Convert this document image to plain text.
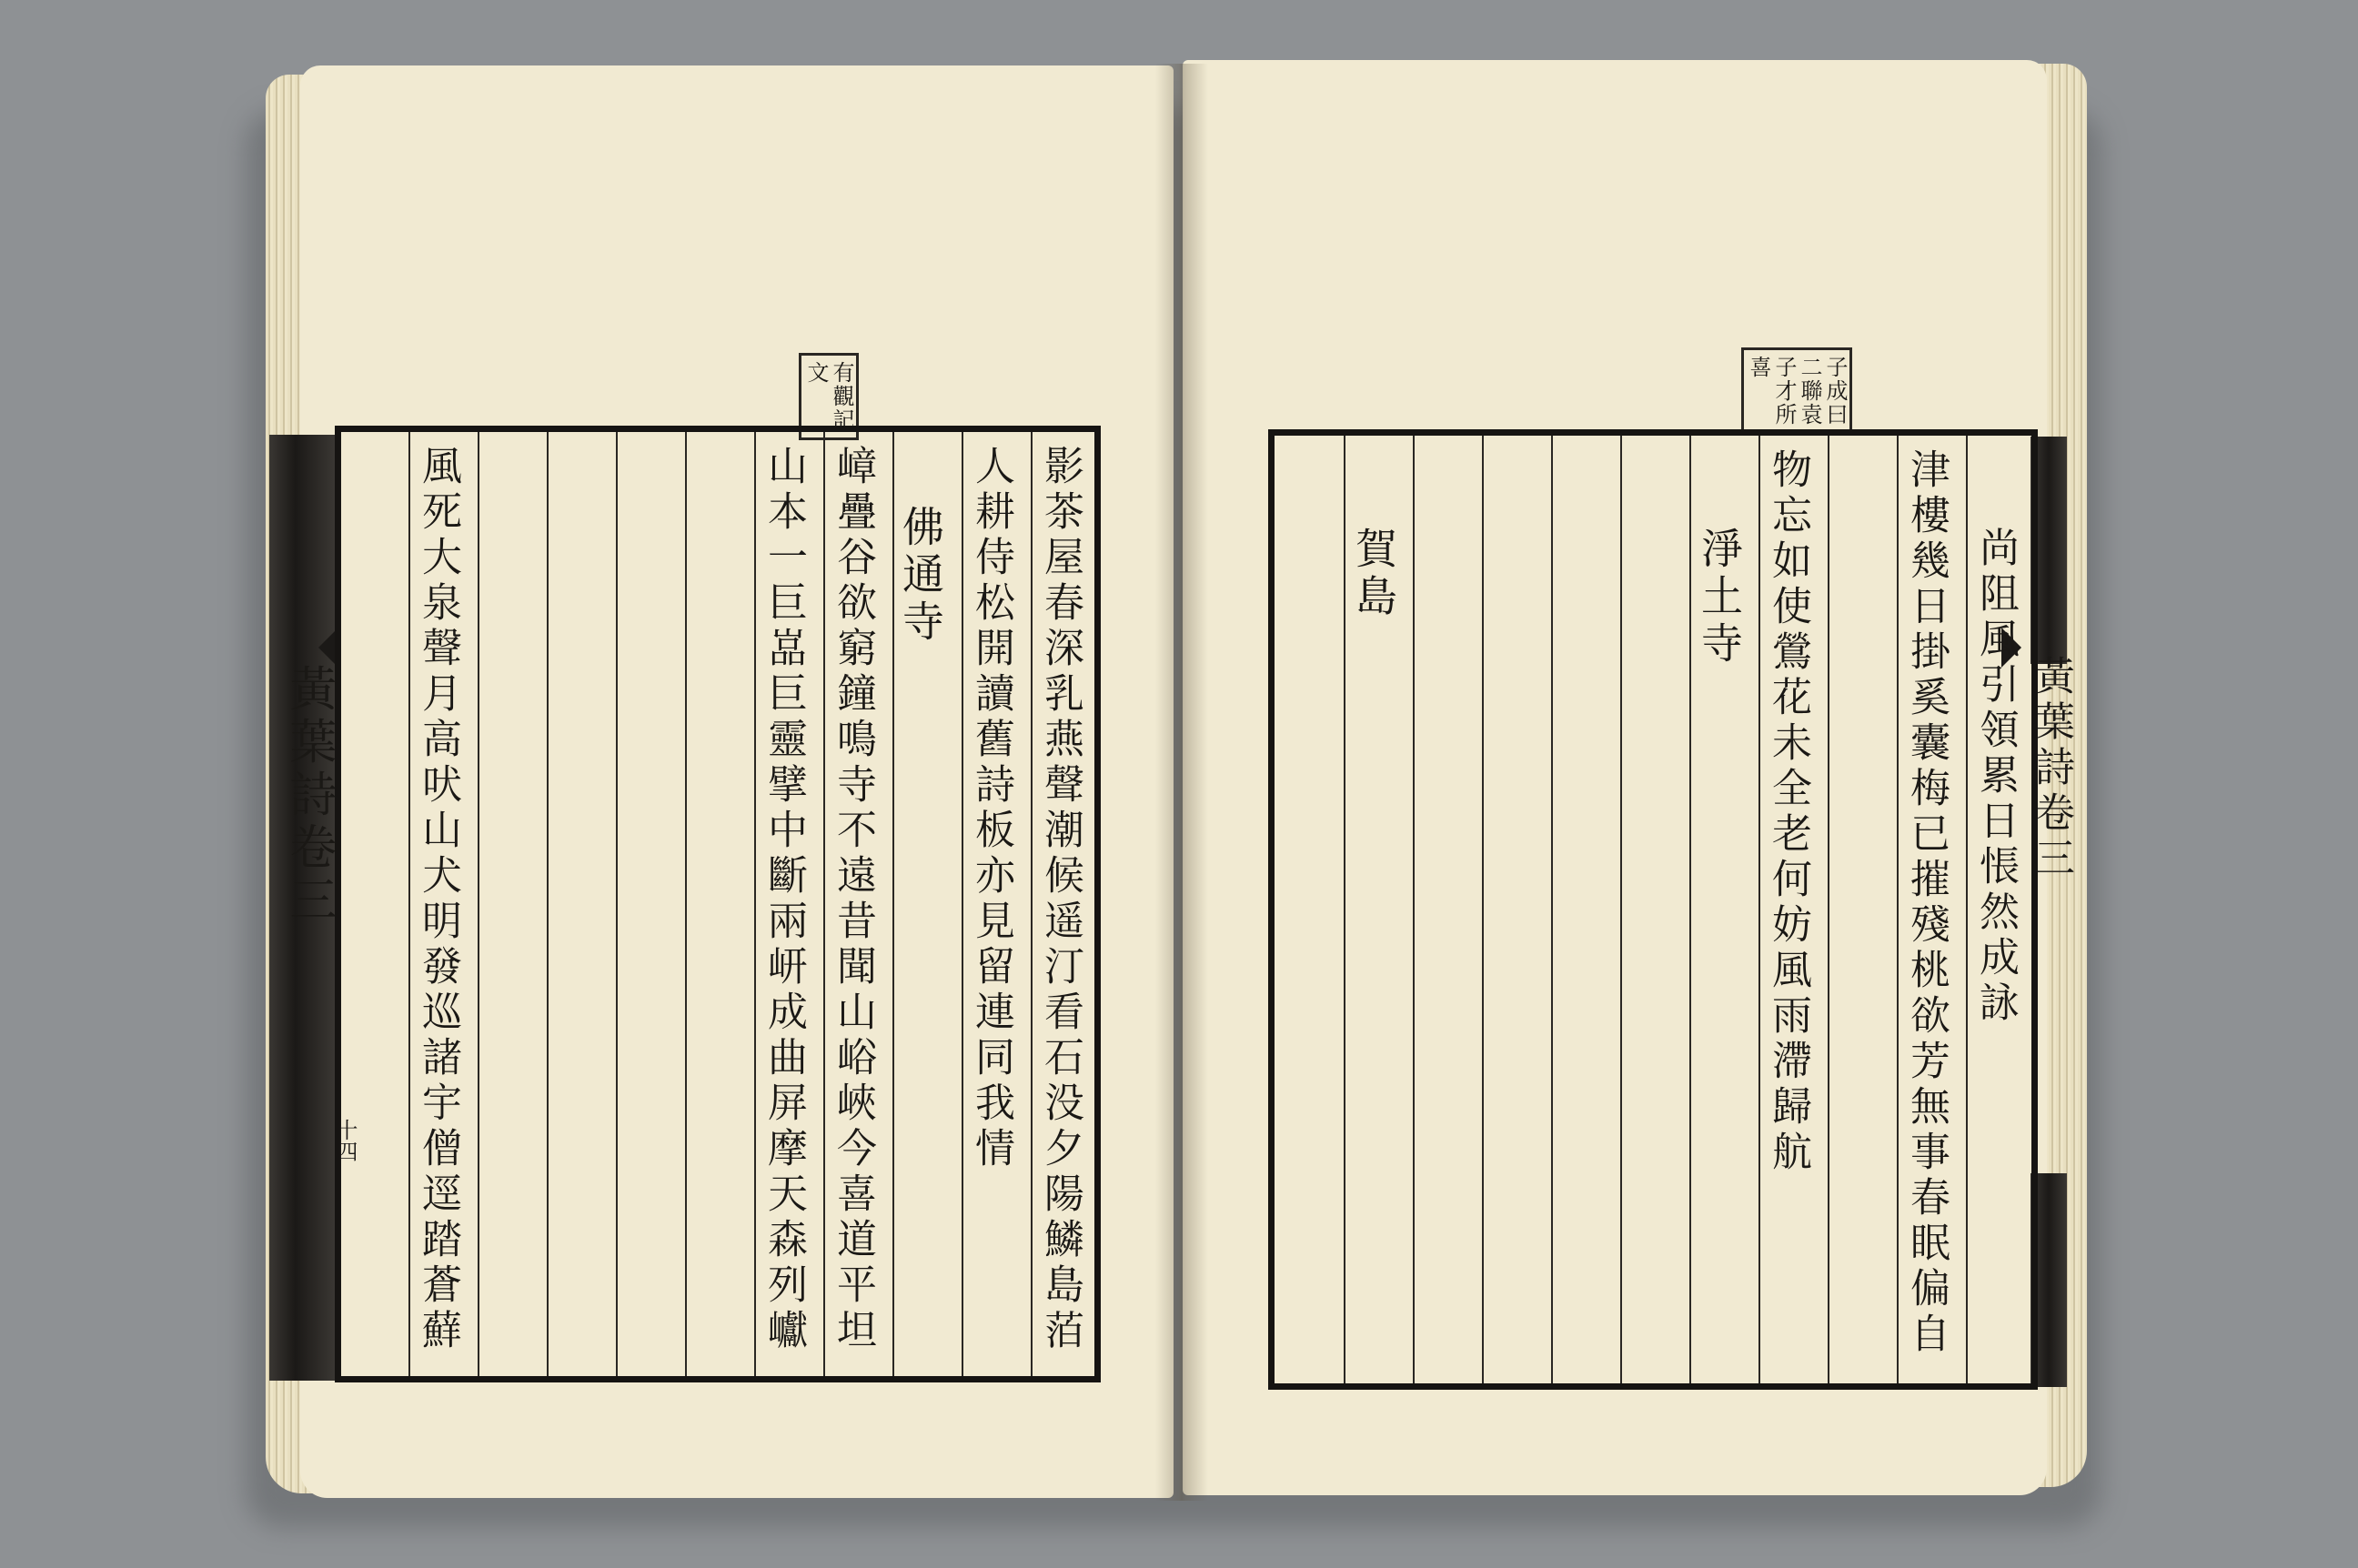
有觀記
文
黃葉詩卷三
十四	影茶屋春深乳燕聲潮候遥汀看石没夕陽鱗島萡
人耕侍松開讀舊詩板亦見留連同我情
佛通寺
嶂疊谷欲窮鐘鳴寺不遠昔聞山峪峽今喜道平坦
山本一巨嵓巨靈擘中斷兩岍成曲屏摩天森列巘
風死大泉聲月高吠山犬明發巡諸宇僧逕踏蒼蘚
子成曰
二聯袁
子才所
喜
黃葉詩卷三
尚阻風引領累日悵然成詠
津樓幾日掛奚囊梅已摧殘桃欲芳無事春眠偏自
物忘如使鶯花未全老何妨風雨滯歸航
淨土寺
賀島
